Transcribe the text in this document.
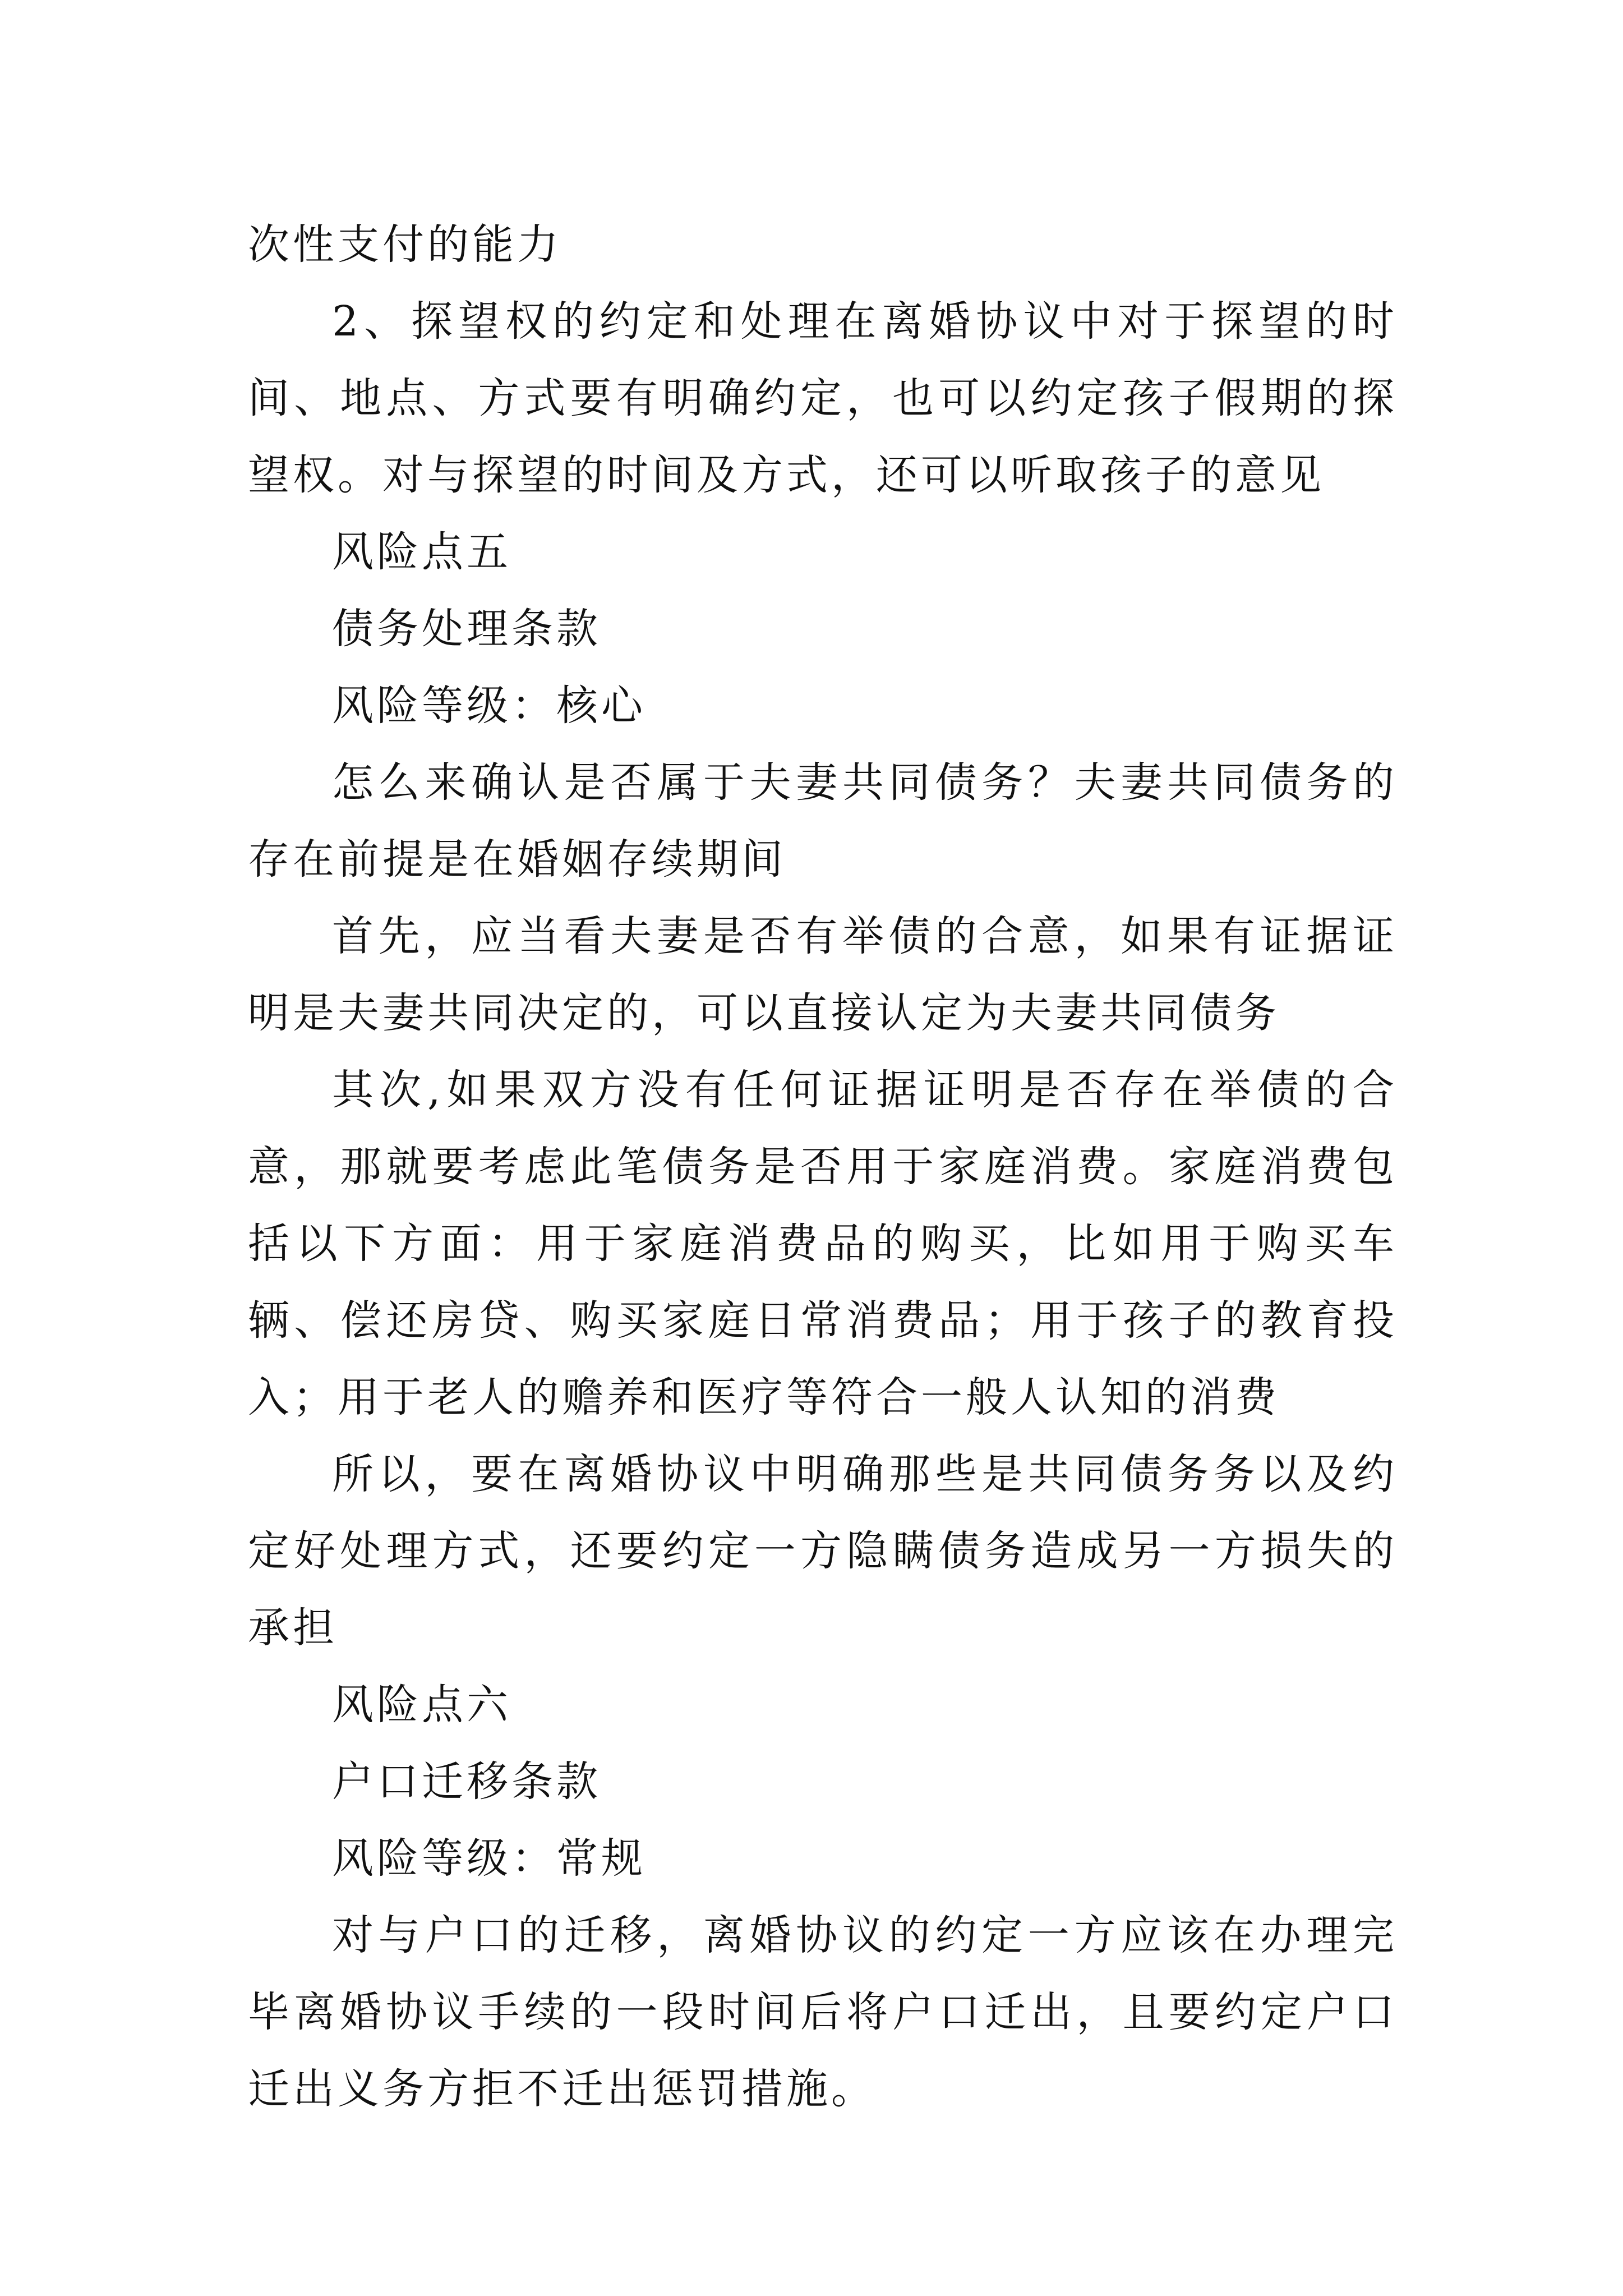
次性支付的能力

2、探望权的约定和处理在离婚协议中对于探望的时间、地点、方式要有明确约定，也可以约定孩子假期的探望权。对与探望的时间及方式，还可以听取孩子的意见

风险点五

债务处理条款

风险等级：核心

怎么来确认是否属于夫妻共同债务？夫妻共同债务的存在前提是在婚姻存续期间

首先，应当看夫妻是否有举债的合意，如果有证据证明是夫妻共同决定的，可以直接认定为夫妻共同债务

其次,如果双方没有任何证据证明是否存在举债的合意，那就要考虑此笔债务是否用于家庭消费。家庭消费包括以下方面：用于家庭消费品的购买，比如用于购买车辆、偿还房贷、购买家庭日常消费品；用于孩子的教育投入；用于老人的赡养和医疗等符合一般人认知的消费

所以，要在离婚协议中明确那些是共同债务务以及约定好处理方式，还要约定一方隐瞒债务造成另一方损失的承担

风险点六

户口迁移条款

风险等级：常规

对与户口的迁移，离婚协议的约定一方应该在办理完毕离婚协议手续的一段时间后将户口迁出，且要约定户口迁出义务方拒不迁出惩罚措施。
